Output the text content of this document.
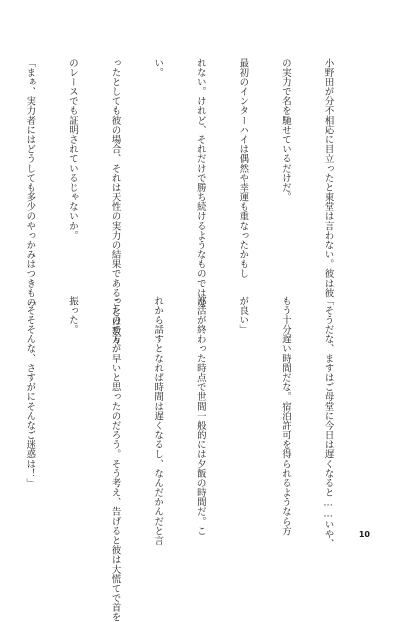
小野田が分不相応に目立ったと東堂は言わない。彼は彼

の実力で名を馳せているだけだ。

最初のインターハイは偶然や幸運も重なったかもし

れない。けれど、それだけで勝ち続けるようなものではな

い。

ったとしても彼の場合、それは天性の実力の結果であることは数々

のレースでも証明されているじゃないか。

「まぁ、実力者にはどうしても多少のやっかみはつきもの

「そうだな、ますはご母堂に今日は遅くなると……いや、

もう十分遅い時間だな。宿泊許可を得られるようなら方

が良い」

部活が終わった時点で世間一般的には夕飯の時間だ。こ

れから話すとなれば時間は遅くなるし、なんだかんだと言

ったので方が早いと思ったのだろう。そう考え、告げると彼は大慌てで首を

振った。

「そそそんな、さすがにそんなご迷惑は！」

10
